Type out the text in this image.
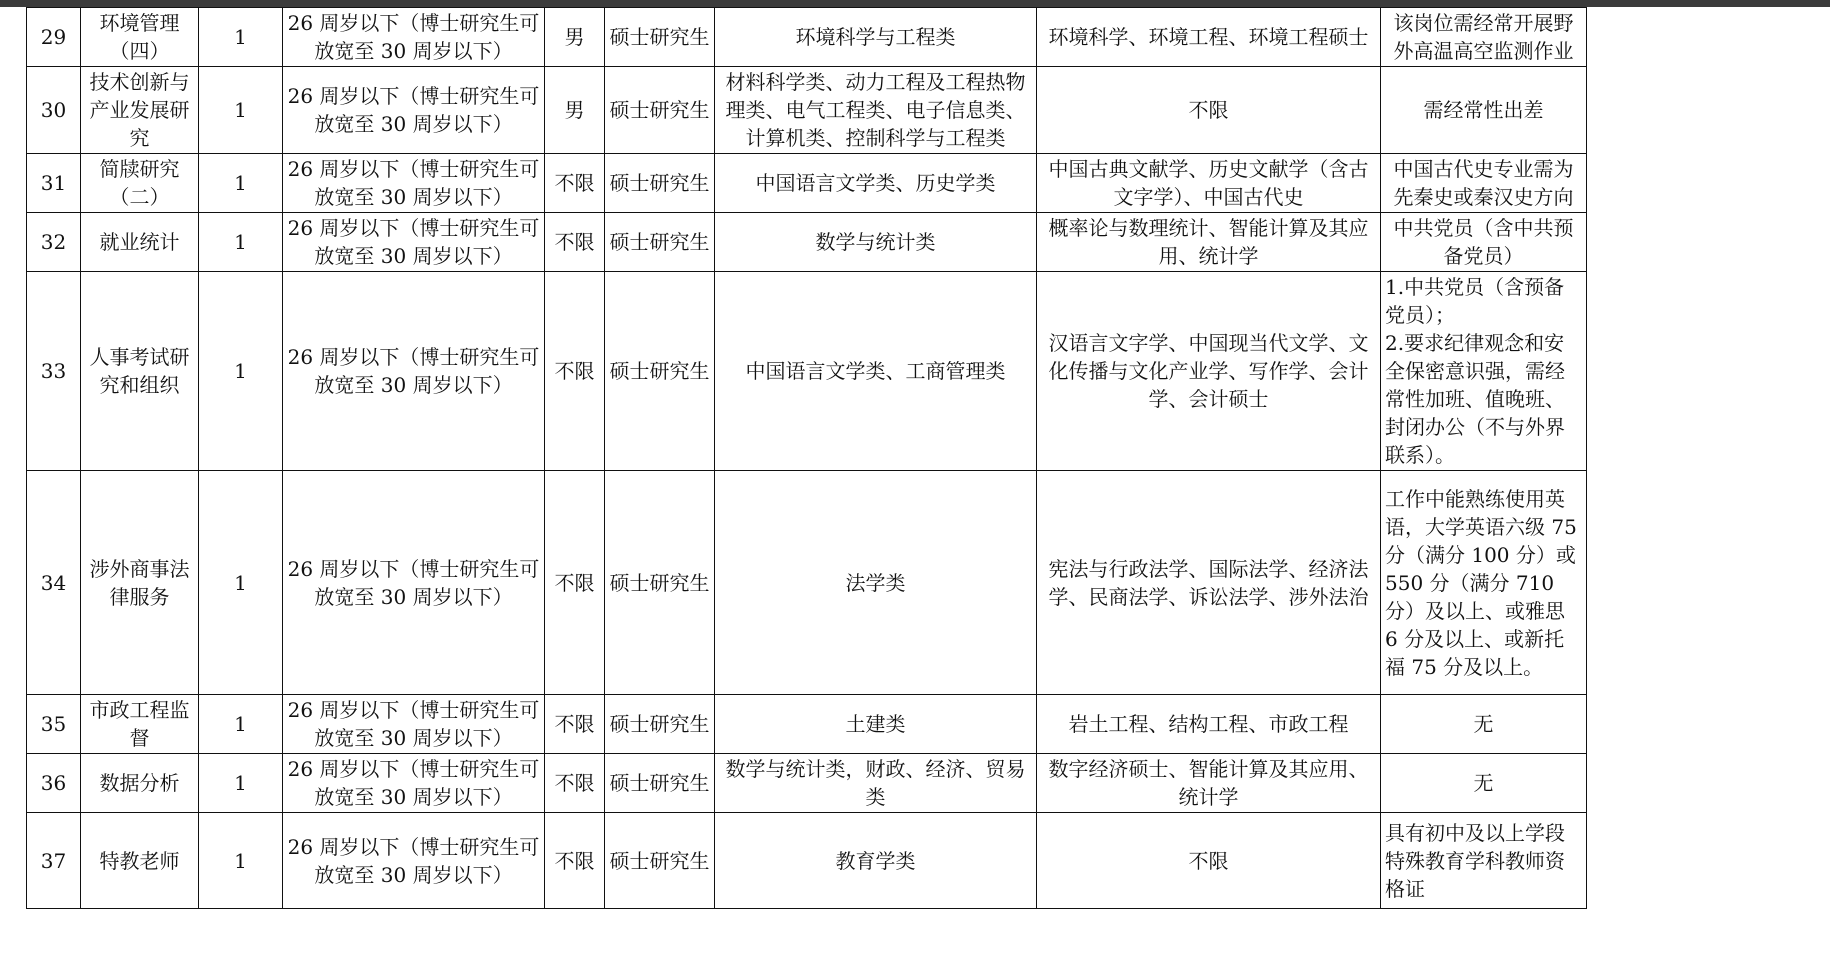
29	环境管理（四）	1	26 周岁以下（博士研究生可放宽至 30 周岁以下）	男	硕士研究生	环境科学与工程类	环境科学、环境工程、环境工程硕士	该岗位需经常开展野外高温高空监测作业
30	技术创新与产业发展研究	1	26 周岁以下（博士研究生可放宽至 30 周岁以下）	男	硕士研究生	材料科学类、动力工程及工程热物理类、电气工程类、电子信息类、计算机类、控制科学与工程类	不限	需经常性出差
31	简牍研究（二）	1	26 周岁以下（博士研究生可放宽至 30 周岁以下）	不限	硕士研究生	中国语言文学类、历史学类	中国古典文献学、历史文献学（含古文字学）、中国古代史	中国古代史专业需为先秦史或秦汉史方向
32	就业统计	1	26 周岁以下（博士研究生可放宽至 30 周岁以下）	不限	硕士研究生	数学与统计类	概率论与数理统计、智能计算及其应用、统计学	中共党员（含中共预备党员）
33	人事考试研究和组织	1	26 周岁以下（博士研究生可放宽至 30 周岁以下）	不限	硕士研究生	中国语言文学类、工商管理类	汉语言文字学、中国现当代文学、文化传播与文化产业学、写作学、会计学、会计硕士	1.中共党员（含预备党员）；
2.要求纪律观念和安全保密意识强，需经常性加班、值晚班、封闭办公（不与外界联系）。
34	涉外商事法律服务	1	26 周岁以下（博士研究生可放宽至 30 周岁以下）	不限	硕士研究生	法学类	宪法与行政法学、国际法学、经济法学、民商法学、诉讼法学、涉外法治	工作中能熟练使用英语，大学英语六级 75 分（满分 100 分）或 550 分（满分 710 分）及以上、或雅思 6 分及以上、或新托福 75 分及以上。
35	市政工程监督	1	26 周岁以下（博士研究生可放宽至 30 周岁以下）	不限	硕士研究生	土建类	岩土工程、结构工程、市政工程	无
36	数据分析	1	26 周岁以下（博士研究生可放宽至 30 周岁以下）	不限	硕士研究生	数学与统计类，财政、经济、贸易类	数字经济硕士、智能计算及其应用、统计学	无
37	特教老师	1	26 周岁以下（博士研究生可放宽至 30 周岁以下）	不限	硕士研究生	教育学类	不限	具有初中及以上学段特殊教育学科教师资格证
